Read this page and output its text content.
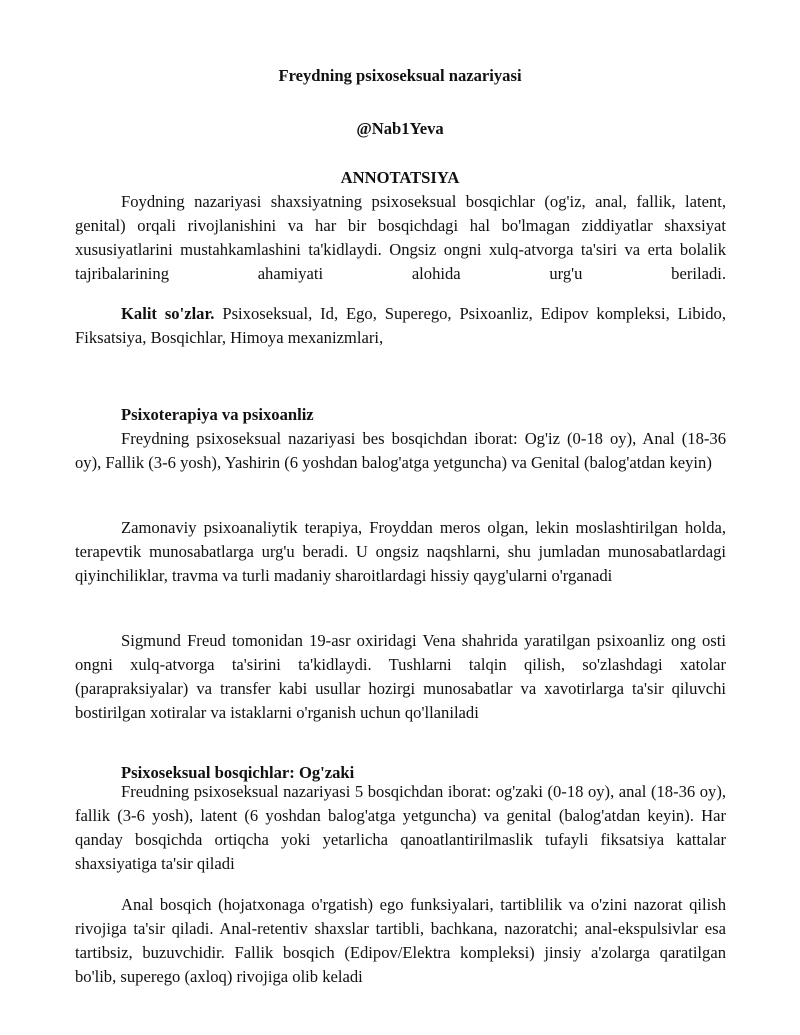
Freydning psixoseksual nazariyasi
@Nab1Yeva
ANNOTATSIYA

Foydning nazariyasi shaxsiyatning psixoseksual bosqichlar (og'iz, anal, fallik, latent, genital) orqali rivojlanishini va har bir bosqichdagi hal bo'lmagan ziddiyatlar shaxsiyat xususiyatlarini mustahkamlashini ta'kidlaydi. Ongsiz ongni xulq-atvorga ta'siri va erta bolalik tajribalarining ahamiyati alohida urg'u beriladi.

Kalit so'zlar. Psixoseksual, Id, Ego, Superego, Psixoanliz, Edipov kompleksi, Libido, Fiksatsiya, Bosqichlar, Himoya mexanizmlari,

Psixoterapiya va psixoanliz

Freydning psixoseksual nazariyasi bes bosqichdan iborat: Og'iz (0-18 oy), Anal (18-36 oy), Fallik (3-6 yosh), Yashirin (6 yoshdan balog'atga yetguncha) va Genital (balog'atdan keyin)

Zamonaviy psixoanaliytik terapiya, Froyddan meros olgan, lekin moslashtirilgan holda, terapevtik munosabatlarga urg'u beradi. U ongsiz naqshlarni, shu jumladan munosabatlardagi qiyinchiliklar, travma va turli madaniy sharoitlardagi hissiy qayg'ularni o'rganadi

Sigmund Freud tomonidan 19-asr oxiridagi Vena shahrida yaratilgan psixoanliz ong osti ongni xulq-atvorga ta'sirini ta'kidlaydi. Tushlarni talqin qilish, so'zlashdagi xatolar (parapraksiyalar) va transfer kabi usullar hozirgi munosabatlar va xavotirlarga ta'sir qiluvchi bostirilgan xotiralar va istaklarni o'rganish uchun qo'llaniladi

Psixoseksual bosqichlar: Og'zaki

Freudning psixoseksual nazariyasi 5 bosqichdan iborat: og'zaki (0-18 oy), anal (18-36 oy), fallik (3-6 yosh), latent (6 yoshdan balog'atga yetguncha) va genital (balog'atdan keyin). Har qanday bosqichda ortiqcha yoki yetarlicha qanoatlantirilmaslik tufayli fiksatsiya kattalar shaxsiyatiga ta'sir qiladi

Anal bosqich (hojatxonaga o'rgatish) ego funksiyalari, tartiblilik va o'zini nazorat qilish rivojiga ta'sir qiladi. Anal-retentiv shaxslar tartibli, bachkana, nazoratchi; anal-ekspulsivlar esa tartibsiz, buzuvchidir. Fallik bosqich (Edipov/Elektra kompleksi) jinsiy a'zolarga qaratilgan bo'lib, superego (axloq) rivojiga olib keladi
